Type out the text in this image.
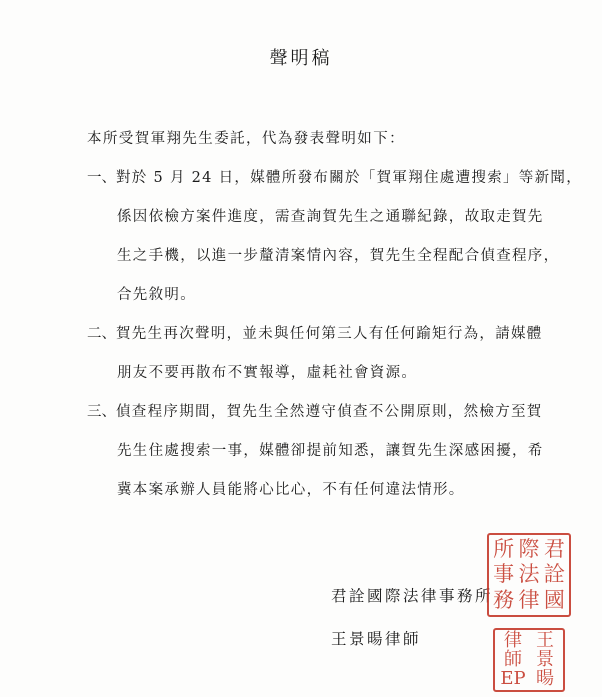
聲明稿
本所受賀軍翔先生委託，代為發表聲明如下：
一、 對於 5 月 24 日，媒體所發布關於「賀軍翔住處遭搜索」等新聞，
係因依檢方案件進度，需查詢賀先生之通聯紀錄，故取走賀先
生之手機，以進一步釐清案情內容，賀先生全程配合偵查程序，
合先敘明。
二、 賀先生再次聲明，並未與任何第三人有任何踰矩行為，請媒體
朋友不要再散布不實報導，虛耗社會資源。
三、 偵查程序期間，賀先生全然遵守偵查不公開原則，然檢方至賀
先生住處搜索一事，媒體卻提前知悉，讓賀先生深感困擾，希
冀本案承辦人員能將心比心，不有任何違法情形。
君詮國際法律事務所
王景暘律師
所 際 君
事 法 詮
務 律 國
律 王
師 景
EP 暘
